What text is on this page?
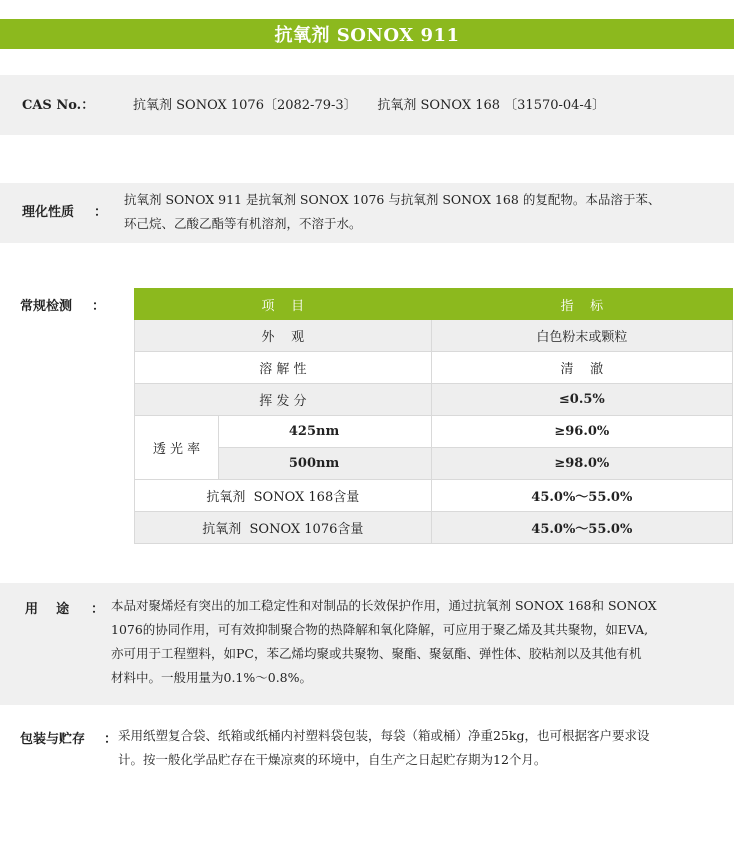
抗氧剂 SONOX 911
CAS No.：	抗氧剂 SONOX 1076〔2082-79-3〕     抗氧剂 SONOX 168 〔31570-04-4〕
理化性质 ：
抗氧剂 SONOX 911 是抗氧剂 SONOX 1076 与抗氧剂 SONOX 168 的复配物。本品溶于苯、
环己烷、乙酸乙酯等有机溶剂，不溶于水。
常规检测 ：	项    目		指    标
外    观		白色粉末或颗粒
溶 解 性		清    澈
挥 发 分		≤0.5%
透 光 率	425nm	≥96.0%
	500nm	≥98.0%
抗氧剂  SONOX 168含量		45.0%～55.0%
抗氧剂  SONOX 1076含量		45.0%～55.0%
用    途 ： 本品对聚烯烃有突出的加工稳定性和对制品的长效保护作用，通过抗氧剂 SONOX 168和 SONOX
1076的协同作用，可有效抑制聚合物的热降解和氧化降解，可应用于聚乙烯及其共聚物，如EVA,
亦可用于工程塑料，如PC，苯乙烯均聚或共聚物、聚酯、聚氨酯、弹性体、胶粘剂以及其他有机
材料中。一般用量为0.1%～0.8%。
包装与贮存 ： 采用纸塑复合袋、纸箱或纸桶内衬塑料袋包装，每袋（箱或桶）净重25kg，也可根据客户要求设
计。按一般化学品贮存在干燥凉爽的环境中，自生产之日起贮存期为12个月。
